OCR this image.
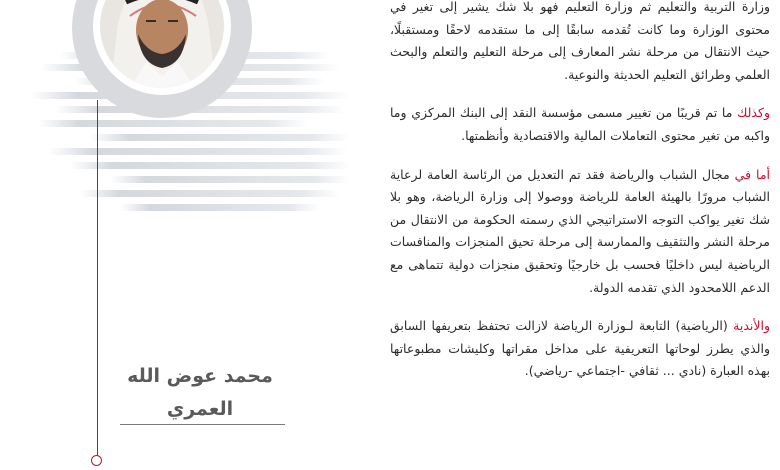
محمد عوض الله
العمري

وزارة التربية والتعليم ثم وزارة التعليم فهو بلا شك يشير إلى تغير في محتوى الوزارة وما كانت تُقدمه سابقًا إلى ما ستقدمه لاحقًا ومستقبلًا، حيث الانتقال من مرحلة نشر المعارف إلى مرحلة التعليم والتعلم والبحث العلمي وطرائق التعليم الحديثة والنوعية.

وكذلك ما تم قريبًا من تغيير مسمى مؤسسة النقد إلى البنك المركزي وما واكبه من تغير محتوى التعاملات المالية والاقتصادية وأنظمتها.

أما في مجال الشباب والرياضة فقد تم التعديل من الرئاسة العامة لرعاية الشباب مرورًا بالهيئة العامة للرياضة ووصولا إلى وزارة الرياضة، وهو بلا شك تغير يواكب التوجه الاستراتيجي الذي رسمته الحكومة من الانتقال من مرحلة النشر والتثقيف والممارسة إلى مرحلة تحيق المنجزات والمنافسات الرياضية ليس داخليًا فحسب بل خارجيًا وتحقيق منجزات دولية تتماهى مع الدعم اللامحدود الذي تقدمه الدولة.

والأندية (الرياضية) التابعة لـوزارة الرياضة لازالت تحتفظ بتعريفها السابق والذي يطرز لوحاتها التعريفية على مداخل مقراتها وكليشات مطبوعاتها بهذه العبارة (نادي ... ثقافي -اجتماعي -رياضي).
